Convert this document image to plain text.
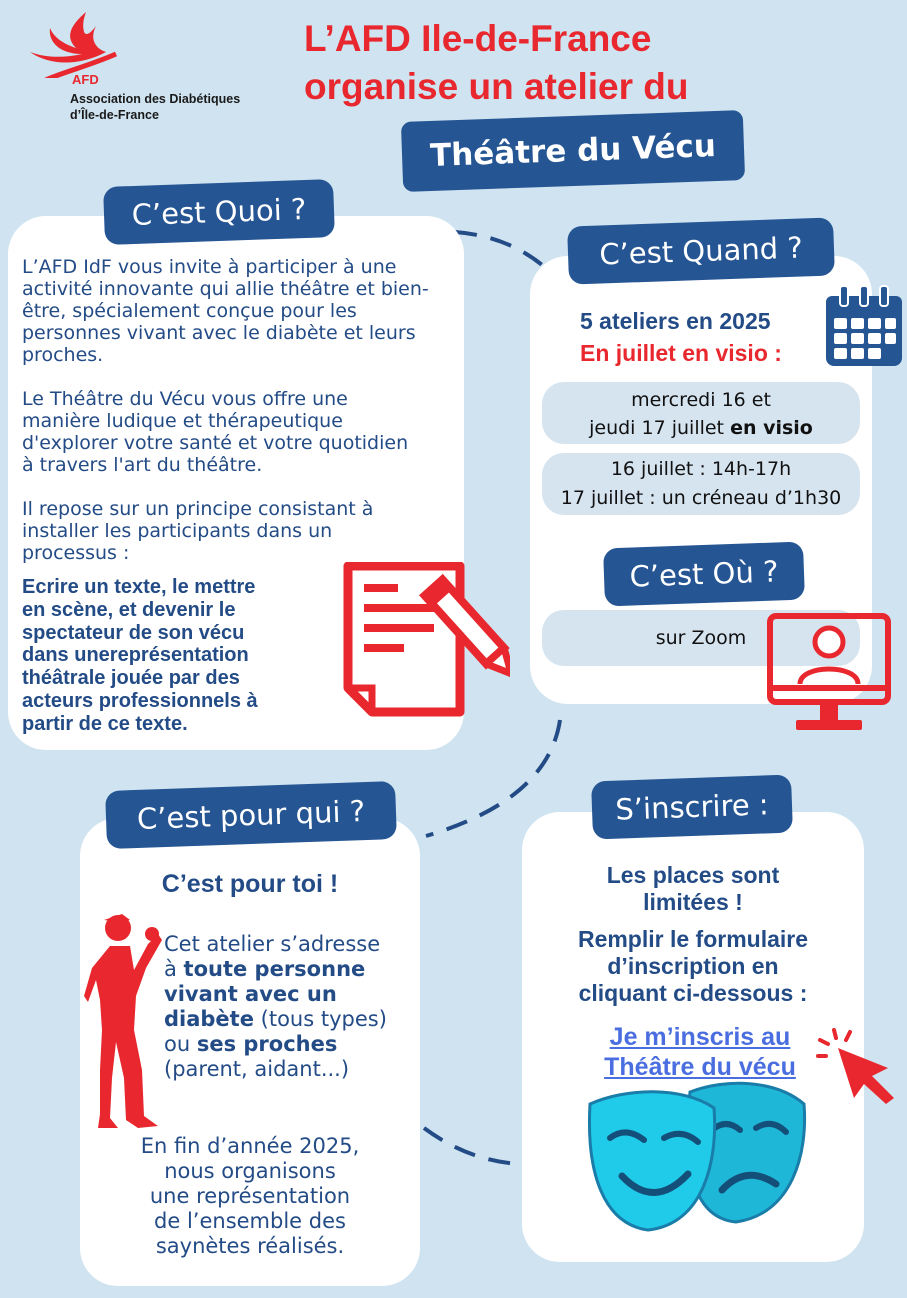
AFD
Association des Diabétiques
d’Île-de-France
L’AFD Ile-de-France
organise un atelier du
Théâtre du Vécu
C’est Quoi ?
L’AFD IdF vous invite à participer à une activité innovante qui allie théâtre et bien-être, spécialement conçue pour les personnes vivant avec le diabète et leurs proches.
Le Théâtre du Vécu vous offre une manière ludique et thérapeutique d'explorer votre santé et votre quotidien à travers l'art du théâtre.
Il repose sur un principe consistant à installer les participants dans un processus :
Ecrire un texte, le mettre
en scène, et devenir le
spectateur de son vécu
dans unereprésentation
théâtrale jouée par des
acteurs professionnels à
partir de ce texte.
C’est Quand ?
5 ateliers en 2025
En juillet en visio :
mercredi 16 et
jeudi 17 juillet en visio
16 juillet : 14h-17h
17 juillet : un créneau d’1h30
C’est Où ?
sur Zoom
C’est pour qui ?
C’est pour toi !
Cet atelier s’adresse
à toute personne
vivant avec un
diabète (tous types)
ou ses proches
(parent, aidant...)
En fin d’année 2025,
nous organisons
une représentation
de l’ensemble des
saynètes réalisés.
S’inscrire :
Les places sont
limitées !
Remplir le formulaire
d’inscription en
cliquant ci-dessous :
Je m’inscris au
Théâtre du vécu
